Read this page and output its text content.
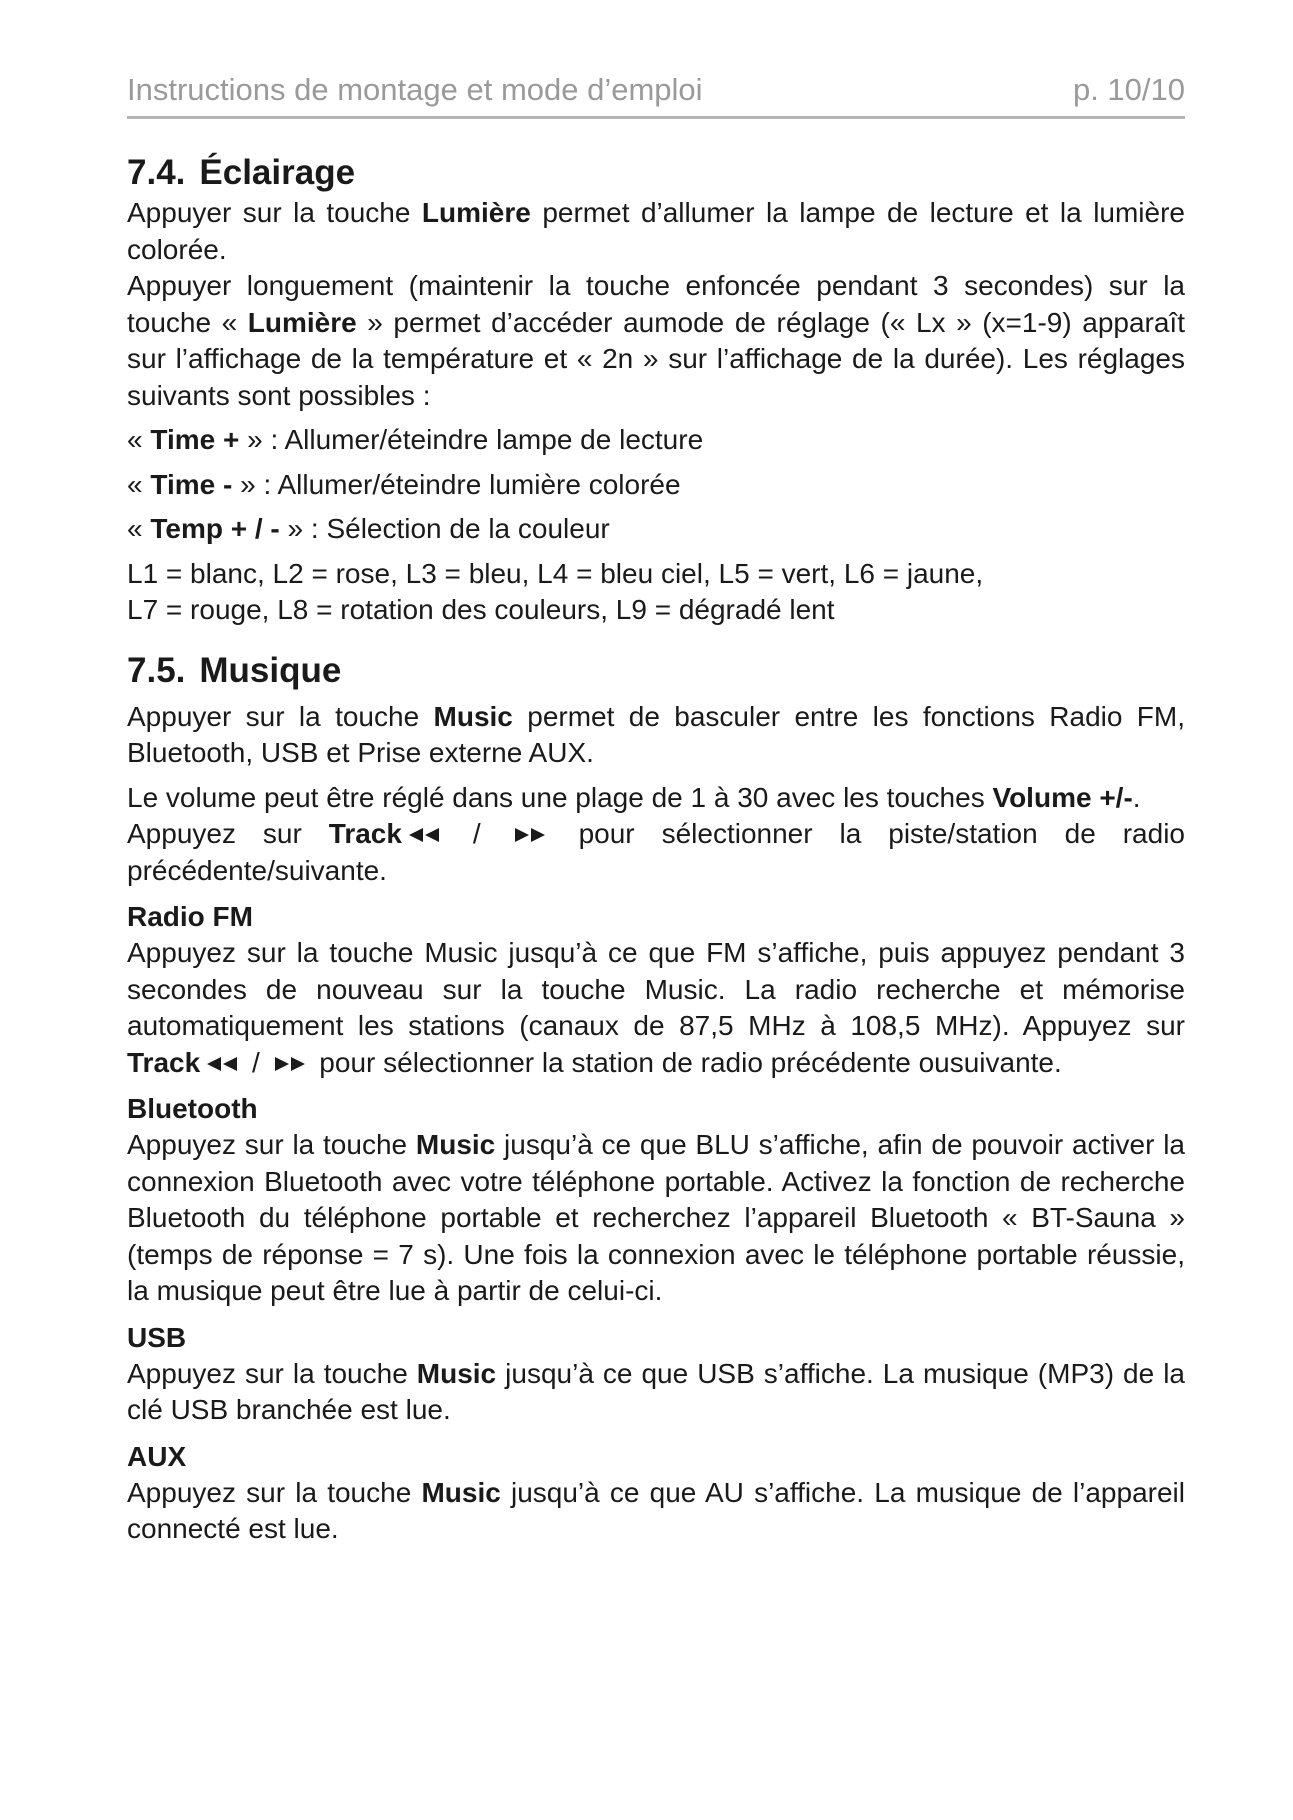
Instructions de montage et mode d’emploi	p. 10/10
7.4. Éclairage

Appuyer sur la touche Lumière permet d’allumer la lampe de lecture et la lumière colorée.

Appuyer longuement (maintenir la touche enfoncée pendant 3 secondes) sur la touche « Lumière » permet d’accéder aumode de réglage (« Lx » (x=1-9) apparaît sur l’affichage de la température et « 2n » sur l’affichage de la durée). Les réglages suivants sont possibles :

« Time + » : Allumer/éteindre lampe de lecture

« Time - » : Allumer/éteindre lumière colorée

« Temp + / - » : Sélection de la couleur

L1 = blanc, L2 = rose, L3 = bleu, L4 = bleu ciel, L5 = vert, L6 = jaune,

L7 = rouge, L8 = rotation des couleurs, L9 = dégradé lent

7.5. Musique

Appuyer sur la touche Music permet de basculer entre les fonctions Radio FM, Bluetooth, USB et Prise externe AUX.

Le volume peut être réglé dans une plage de 1 à 30 avec les touches Volume +/-.

Appuyez sur Track /  pour sélectionner la piste/station de radio précédente/suivante.

Radio FM

Appuyez sur la touche Music jusqu’à ce que FM s’affiche, puis appuyez pendant 3 secondes de nouveau sur la touche Music. La radio recherche et mémorise automatiquement les stations (canaux de 87,5 MHz à 108,5 MHz). Appuyez sur Track /  pour sélectionner la station de radio précédente ousuivante.

Bluetooth

Appuyez sur la touche Music jusqu’à ce que BLU s’affiche, afin de pouvoir activer la connexion Bluetooth avec votre téléphone portable. Activez la fonction de recherche Bluetooth du téléphone portable et recherchez l’appareil Bluetooth « BT-Sauna » (temps de réponse = 7 s). Une fois la connexion avec le téléphone portable réussie, la musique peut être lue à partir de celui-ci.

USB

Appuyez sur la touche Music jusqu’à ce que USB s’affiche. La musique (MP3) de la clé USB branchée est lue.

AUX

Appuyez sur la touche Music jusqu’à ce que AU s’affiche. La musique de l’appareil connecté est lue.
